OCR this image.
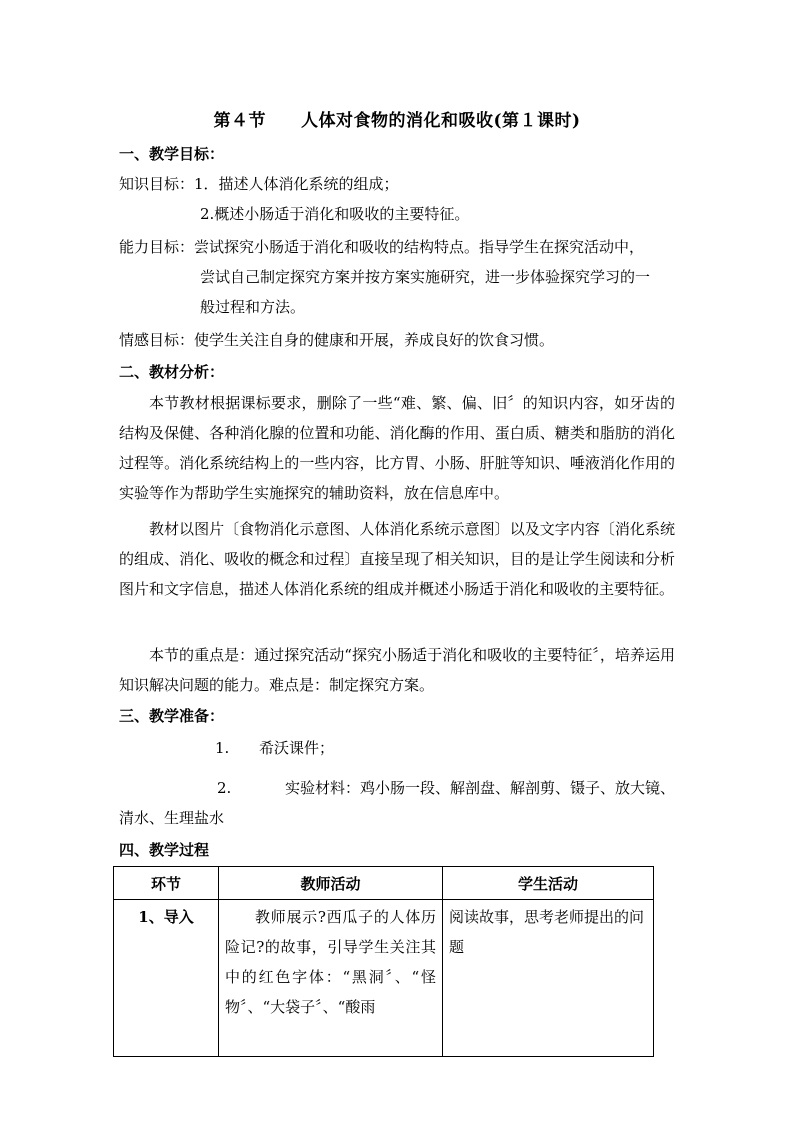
第４节　　人体对食物的消化和吸收(第１课时)
一、教学目标：
知识目标：1．描述人体消化系统的组成；
2.概述小肠适于消化和吸收的主要特征。
能力目标：尝试探究小肠适于消化和吸收的结构特点。指导学生在探究活动中，
尝试自己制定探究方案并按方案实施研究，进一步体验探究学习的一
般过程和方法。
情感目标：使学生关注自身的健康和开展，养成良好的饮食习惯。
二、教材分析：
本节教材根据课标要求，删除了一些“难、繁、偏、旧〞的知识内容，如牙齿的结构及保健、各种消化腺的位置和功能、消化酶的作用、蛋白质、糖类和脂肪的消化过程等。消化系统结构上的一些内容，比方胃、小肠、肝脏等知识、唾液消化作用的实验等作为帮助学生实施探究的辅助资料，放在信息库中。
教材以图片〔食物消化示意图、人体消化系统示意图〕以及文字内容〔消化系统的组成、消化、吸收的概念和过程〕直接呈现了相关知识，目的是让学生阅读和分析图片和文字信息，描述人体消化系统的组成并概述小肠适于消化和吸收的主要特征。
本节的重点是：通过探究活动“探究小肠适于消化和吸收的主要特征〞，培养运用知识解决问题的能力。难点是：制定探究方案。
三、教学准备：
1. 希沃课件；
2.	实验材料：鸡小肠一段、解剖盘、解剖剪、镊子、放大镜、清水、生理盐水
四、教学过程
环节	教师活动	学生活动
1、导入	教师展示?西瓜子的人体历险记?的故事，引导学生关注其中的红色字体：“黑洞〞、“怪物〞、“大袋子〞、“酸雨	阅读故事，思考老师提出的问题
